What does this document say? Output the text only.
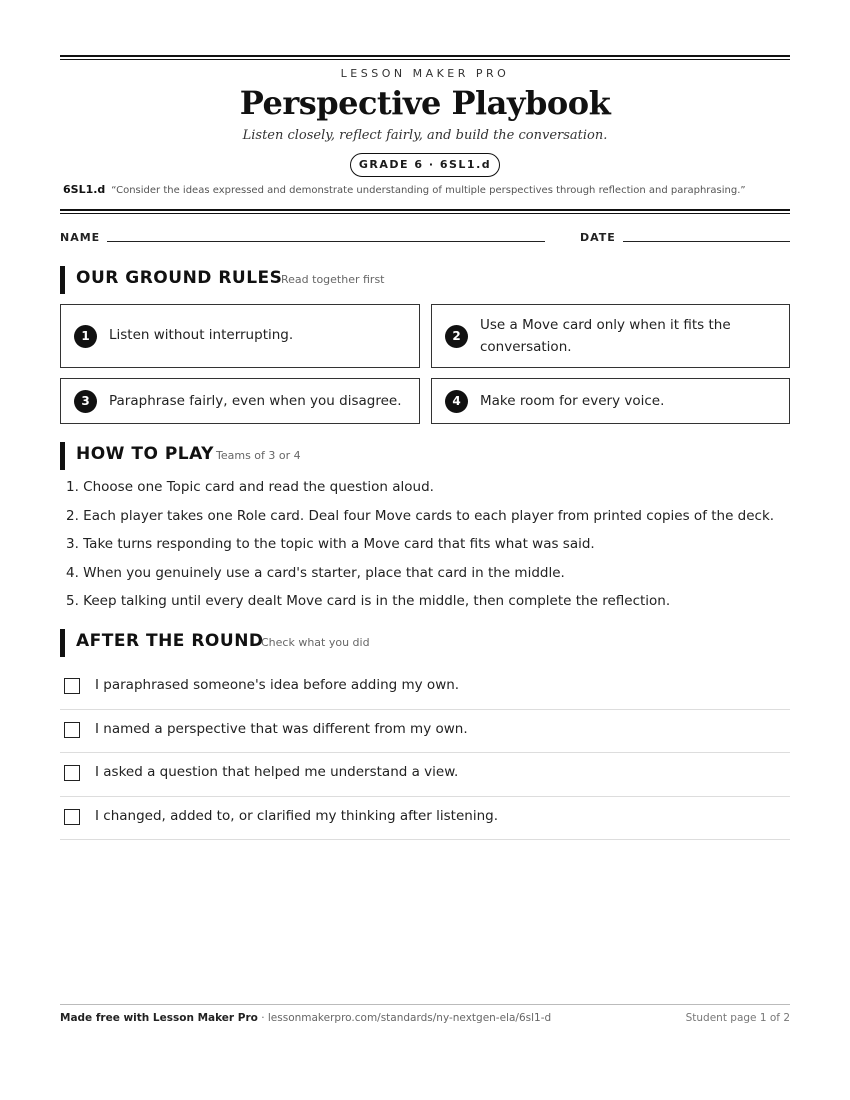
LESSON MAKER PRO
Perspective Playbook
Listen closely, reflect fairly, and build the conversation.
GRADE 6 · 6SL1.d
6SL1.d “Consider the ideas expressed and demonstrate understanding of multiple perspectives through reflection and paraphrasing.”
NAME	DATE
OUR GROUND RULES
Read together first
1	Listen without interrupting.	2
Use a Move card only when it fits the conversation.
3	Paraphrase fairly, even when you disagree.	4	Make room for every voice.
HOW TO PLAY Teams of 3 or 4
1. Choose one Topic card and read the question aloud.
2. Each player takes one Role card. Deal four Move cards to each player from printed copies of the deck.
3. Take turns responding to the topic with a Move card that fits what was said.
4. When you genuinely use a card's starter, place that card in the middle.
5. Keep talking until every dealt Move card is in the middle, then complete the reflection.
AFTER THE ROUND
Check what you did
I paraphrased someone's idea before adding my own.
I named a perspective that was different from my own.
I asked a question that helped me understand a view.
I changed, added to, or clarified my thinking after listening.
Made free with Lesson Maker Pro · lessonmakerpro.com/standards/ny-nextgen-ela/6sl1-d	Student page 1 of 2
